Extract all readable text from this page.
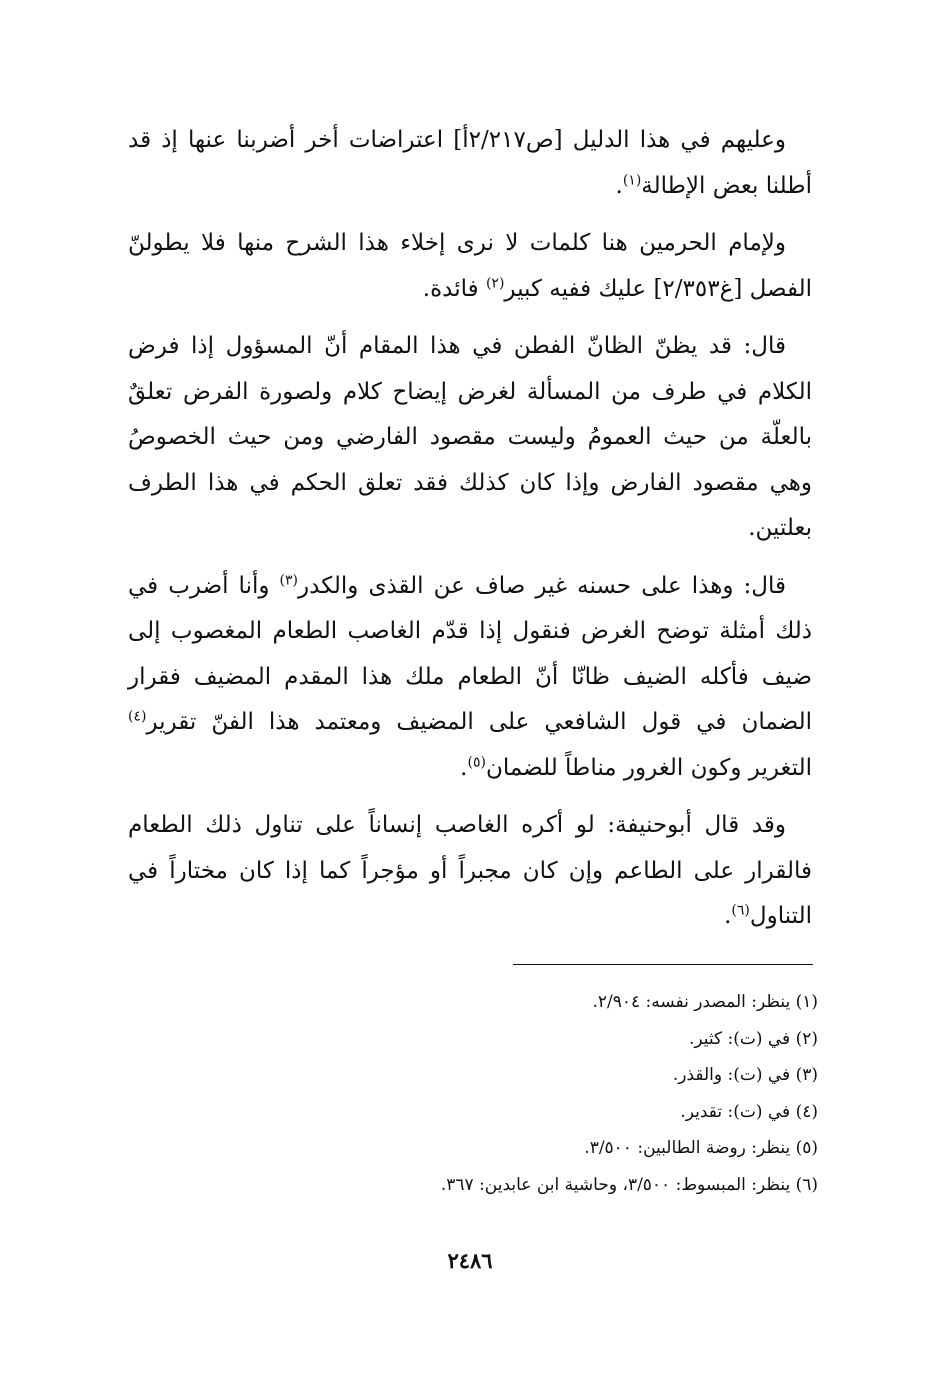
وعليهم في هذا الدليل [ص٢/٢١٧أ] اعتراضات أخر أضربنا عنها إذ قد أطلنا بعض الإطالة$^{(١)}$.

ولإمام الحرمين هنا كلمات لا نرى إخلاء هذا الشرح منها فلا يطولنّ الفصل [غ٢/٣٥٣] عليك ففيه كبير$^{(٢)}$ فائدة.

قال: قد يظنّ الظانّ الفطن في هذا المقام أنّ المسؤول إذا فرض الكلام في طرف من المسألة لغرض إيضاح كلام ولصورة الفرض تعلقٌ بالعلّة من حيث العمومُ وليست مقصود الفارضي ومن حيث الخصوصُ وهي مقصود الفارض وإذا كان كذلك فقد تعلق الحكم في هذا الطرف بعلتين.

قال: وهذا على حسنه غير صاف عن القذى والكدر$^{(٣)}$ وأنا أضرب في ذلك أمثلة توضح الغرض فنقول إذا قدّم الغاصب الطعام المغصوب إلى ضيف فأكله الضيف ظانّا أنّ الطعام ملك هذا المقدم المضيف فقرار الضمان في قول الشافعي على المضيف ومعتمد هذا الفنّ تقرير$^{(٤)}$ التغرير وكون الغرور مناطاً للضمان$^{(٥)}$.

وقد قال أبوحنيفة: لو أكره الغاصب إنساناً على تناول ذلك الطعام فالقرار على الطاعم وإن كان مجبراً أو مؤجراً كما إذا كان مختاراً في التناول$^{(٦)}$.

(١) ينظر: المصدر نفسه: ٢/٩٠٤.
(٢) في (ت): كثير.
(٣) في (ت): والقذر.
(٤) في (ت): تقدير.
(٥) ينظر: روضة الطالبين: ٣/٥٠٠.
(٦) ينظر: المبسوط: ٣/٥٠٠، وحاشية ابن عابدين: ٣٦٧.
٢٤٨٦
